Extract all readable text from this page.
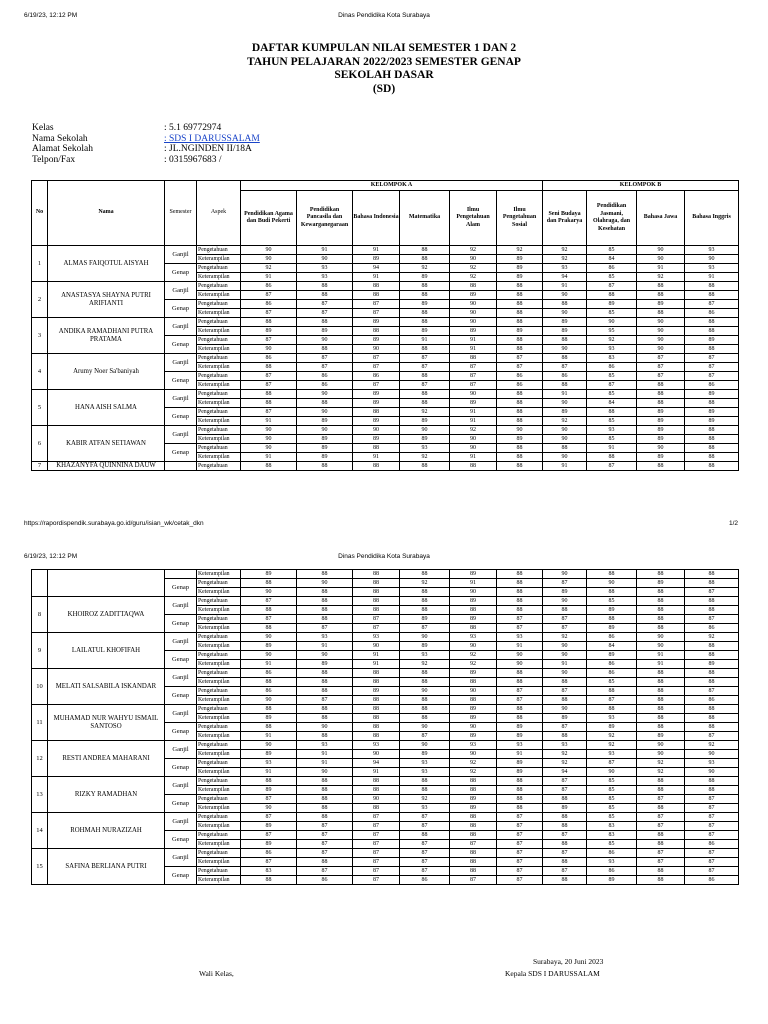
6/19/23, 12:12 PM	Dinas Pendidika Kota Surabaya
DAFTAR KUMPULAN NILAI SEMESTER 1 DAN 2
TAHUN PELAJARAN 2022/2023 SEMESTER GENAP
SEKOLAH DASAR
(SD)
Kelas	: 5.1 69772974
Nama Sekolah	: SDS I DARUSSALAM
Alamat Sekolah	: JL.NGINDEN II/18A
Telpon/Fax	: 0315967683 /
No	Nama	Semester	Aspek	KELOMPOK A						KELOMPOK B			
				Pendidikan Agama dan Budi Pekerti	Pendidikan Pancasila dan Kewarganegaraan	Bahasa Indonesia	Matematika	Ilmu Pengetahuan Alam	Ilmu Pengetahuan Sosial	Seni Budaya dan Prakarya	Pendidikan Jasmani, Olahraga, dan Kesehatan	Bahasa Jawa	Bahasa Inggris
1	ALMAS FAIQOTUL AISYAH	Ganjil	Pengetahuan	90	91	91	88	92	92	92	85	90	93
			Keterampilan	90	90	89	88	90	89	92	84	90	90
		Genap	Pengetahuan	92	93	94	92	92	89	93	86	91	93
			Keterampilan	91	93	91	89	92	89	94	85	92	91
2	ANASTASYA SHAYNA PUTRI ARIFIANTI	Ganjil	Pengetahuan	86	88	88	88	88	88	91	87	88	88
			Keterampilan	87	88	88	88	89	88	90	88	88	88
		Genap	Pengetahuan	86	87	87	89	90	88	88	89	89	87
			Keterampilan	87	87	87	88	90	88	90	85	88	86
3	ANDIKA RAMADHANI PUTRA PRATAMA	Ganjil	Pengetahuan	88	88	89	88	90	88	89	90	90	88
			Keterampilan	89	89	88	89	89	89	89	95	90	88
		Genap	Pengetahuan	87	90	89	91	91	88	88	92	90	89
			Keterampilan	90	88	90	88	91	88	90	93	90	88
4	Arumy Noer Sa'baniyah	Ganjil	Pengetahuan	86	87	87	87	88	87	88	83	87	87
			Keterampilan	88	87	87	87	87	87	87	86	87	87
		Genap	Pengetahuan	87	86	86	88	87	86	86	85	87	87
			Keterampilan	87	86	87	87	87	86	88	87	88	86
5	HANA AISH SALMA	Ganjil	Pengetahuan	88	90	89	88	90	88	91	85	88	89
			Keterampilan	88	88	89	88	89	88	90	84	88	88
		Genap	Pengetahuan	87	90	88	92	91	88	89	88	89	89
			Keterampilan	91	89	89	89	91	88	92	85	89	89
6	KABIR ATFAN SETIAWAN	Ganjil	Pengetahuan	90	90	90	90	92	90	90	93	89	88
			Keterampilan	90	89	89	89	90	89	90	85	89	88
		Genap	Pengetahuan	90	89	88	93	90	88	88	91	90	88
			Keterampilan	91	89	91	92	91	88	90	88	89	88
7	KHAZANYFA QUINNINA DAUW		Pengetahuan	88	88	88	88	88	88	91	87	88	88
https://rapordispendik.surabaya.go.id/guru/isian_wk/cetak_dkn	1/2
6/19/23, 12:12 PM	Dinas Pendidika Kota Surabaya
			Keterampilan	89	88	88	88	89	88	90	88	88	88
		Genap	Pengetahuan	88	90	88	92	91	88	87	90	89	88
			Keterampilan	90	88	88	88	90	88	89	88	88	87
8	KHOIROZ ZADITTAQWA	Ganjil	Pengetahuan	87	88	88	88	89	88	90	85	88	88
			Keterampilan	88	88	88	88	88	88	88	89	88	88
		Genap	Pengetahuan	87	88	87	89	89	87	87	88	88	87
			Keterampilan	88	87	87	87	88	87	87	89	88	86
9	LAILATUL KHOFIFAH	Ganjil	Pengetahuan	90	93	93	90	93	93	92	86	90	92
			Keterampilan	89	91	90	89	90	91	90	84	90	88
		Genap	Pengetahuan	90	90	91	93	92	90	90	89	91	88
			Keterampilan	91	89	91	92	92	90	91	86	91	89
10	MELATI SALSABILA ISKANDAR	Ganjil	Pengetahuan	86	88	88	88	89	88	90	86	88	88
			Keterampilan	88	88	88	88	88	88	88	85	88	88
		Genap	Pengetahuan	86	88	89	90	90	87	87	88	88	87
			Keterampilan	90	87	88	88	88	87	88	87	88	86
11	MUHAMAD NUR WAHYU ISMAIL SANTOSO	Ganjil	Pengetahuan	88	88	88	88	89	88	90	88	88	88
			Keterampilan	89	88	88	88	89	88	89	93	88	88
		Genap	Pengetahuan	88	90	88	90	90	89	87	89	88	88
			Keterampilan	91	88	88	87	89	89	88	92	89	87
12	RESTI ANDREA MAHARANI	Ganjil	Pengetahuan	90	93	93	90	93	93	93	92	90	92
			Keterampilan	89	91	90	89	90	91	92	93	90	90
		Genap	Pengetahuan	93	91	94	93	92	89	92	87	92	93
			Keterampilan	91	90	91	93	92	89	94	90	92	90
13	RIZKY RAMADHAN	Ganjil	Pengetahuan	88	88	88	88	88	88	87	85	88	88
			Keterampilan	89	88	88	88	88	88	87	85	88	88
		Genap	Pengetahuan	87	88	90	92	89	88	88	85	87	87
			Keterampilan	90	88	88	93	89	88	89	85	88	87
14	ROHMAH NURAZIZAH	Ganjil	Pengetahuan	87	88	87	87	88	87	88	85	87	87
			Keterampilan	89	87	87	87	88	87	88	83	87	87
		Genap	Pengetahuan	87	87	87	88	88	87	87	83	88	87
			Keterampilan	89	87	87	87	87	87	88	85	88	86
15	SAFINA BERLIANA PUTRI	Ganjil	Pengetahuan	86	87	87	87	88	87	87	86	87	87
			Keterampilan	87	88	87	87	88	87	88	93	87	87
		Genap	Pengetahuan	83	87	87	87	88	87	87	86	88	87
			Keterampilan	88	86	87	86	87	87	88	89	88	86
Surabaya, 20 Juni 2023
Wali Kelas,	Kepala SDS I DARUSSALAM
